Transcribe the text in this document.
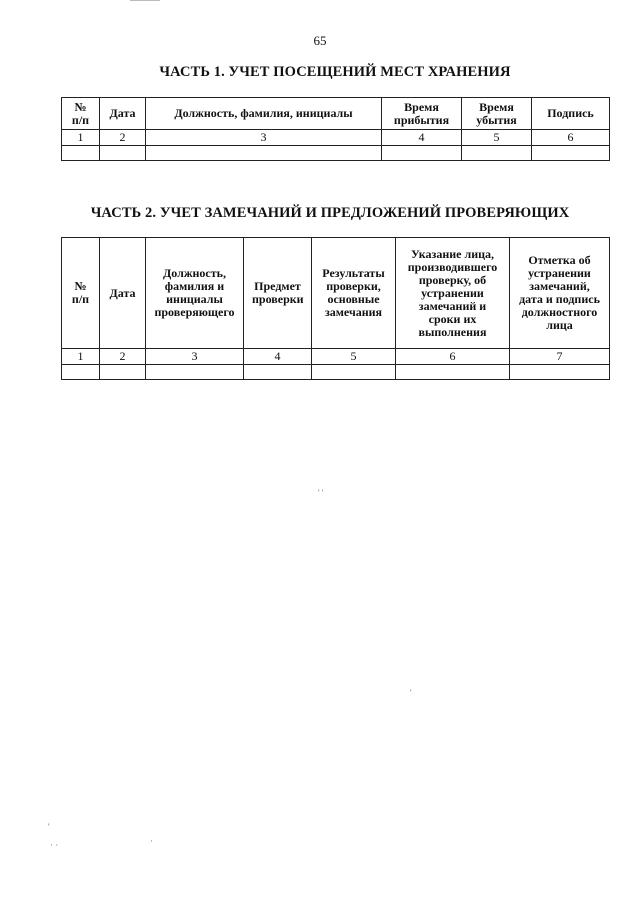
65
ЧАСТЬ 1. УЧЕТ ПОСЕЩЕНИЙ МЕСТ ХРАНЕНИЯ
№ п/п	Дата	Должность, фамилия, инициалы	Время прибытия	Время убытия	Подпись
1	2	3	4	5	6

ЧАСТЬ 2. УЧЕТ ЗАМЕЧАНИЙ И ПРЕДЛОЖЕНИЙ ПРОВЕРЯЮЩИХ
№ п/п	Дата	Должность, фамилия и инициалы проверяющего	Предмет проверки	Результаты проверки, основные замечания	Указание лица, производившего проверку, об устранении замечаний и сроки их выполнения	Отметка об устранении замечаний, дата и подпись должностного лица
1	2	3	4	5	6	7

' '
'
'
· ·	·
